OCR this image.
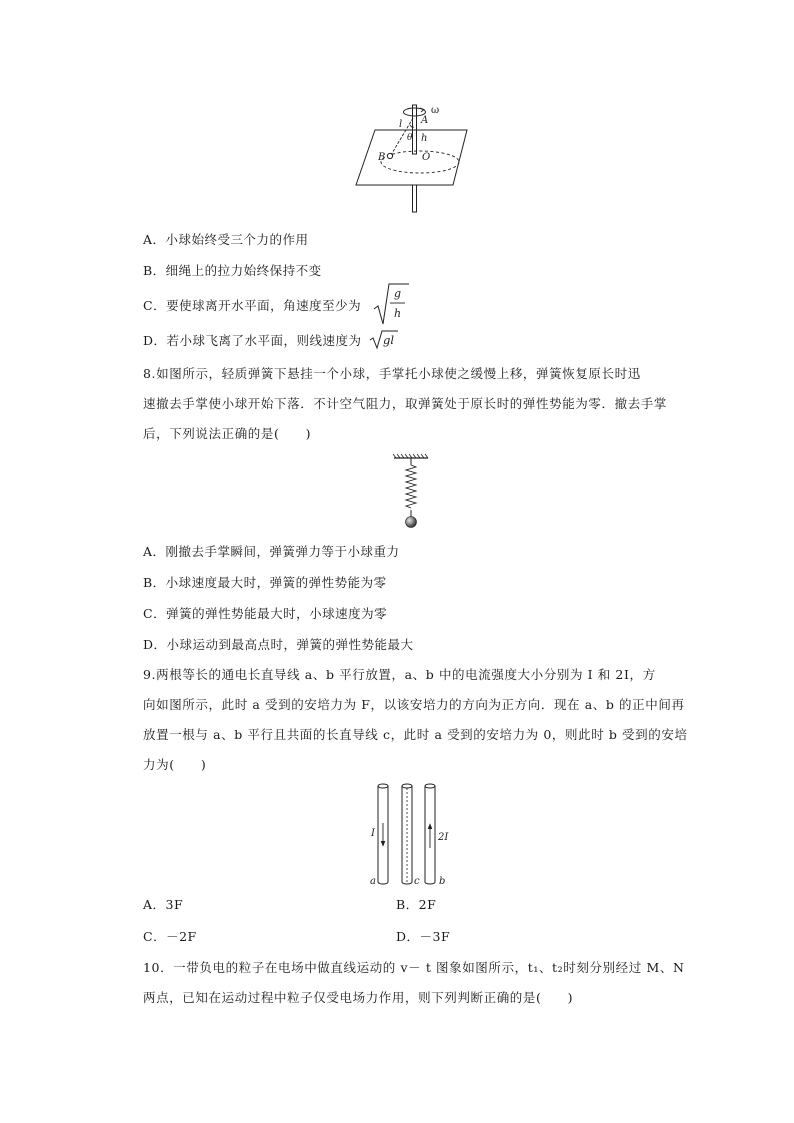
ω
A
l
θ h
B	O
A．小球始终受三个力的作用
B．细绳上的拉力始终保持不变
C．要使球离开水平面，角速度至少为
g
h
D．若小球飞离了水平面，则线速度为 gl
8.如图所示，轻质弹簧下悬挂一个小球，手掌托小球使之缓慢上移，弹簧恢复原长时迅
速撤去手掌使小球开始下落．不计空气阻力，取弹簧处于原长时的弹性势能为零．撤去手掌
后，下列说法正确的是(　　)
A．刚撤去手掌瞬间，弹簧弹力等于小球重力
B．小球速度最大时，弹簧的弹性势能为零
C．弹簧的弹性势能最大时，小球速度为零
D．小球运动到最高点时，弹簧的弹性势能最大
9.两根等长的通电长直导线 a、b 平行放置，a、b 中的电流强度大小分别为 I 和 2I，方
向如图所示，此时 a 受到的安培力为 F，以该安培力的方向为正方向．现在 a、b 的正中间再
放置一根与 a、b 平行且共面的长直导线 c，此时 a 受到的安培力为 0，则此时 b 受到的安培
力为(　　)
I	2I
a	c b
A．3F	B．2F
C．－2F	D．－3F
10．一带负电的粒子在电场中做直线运动的 v－ t 图象如图所示，t₁、t₂时刻分别经过 M、N
两点，已知在运动过程中粒子仅受电场力作用，则下列判断正确的是(　　)
